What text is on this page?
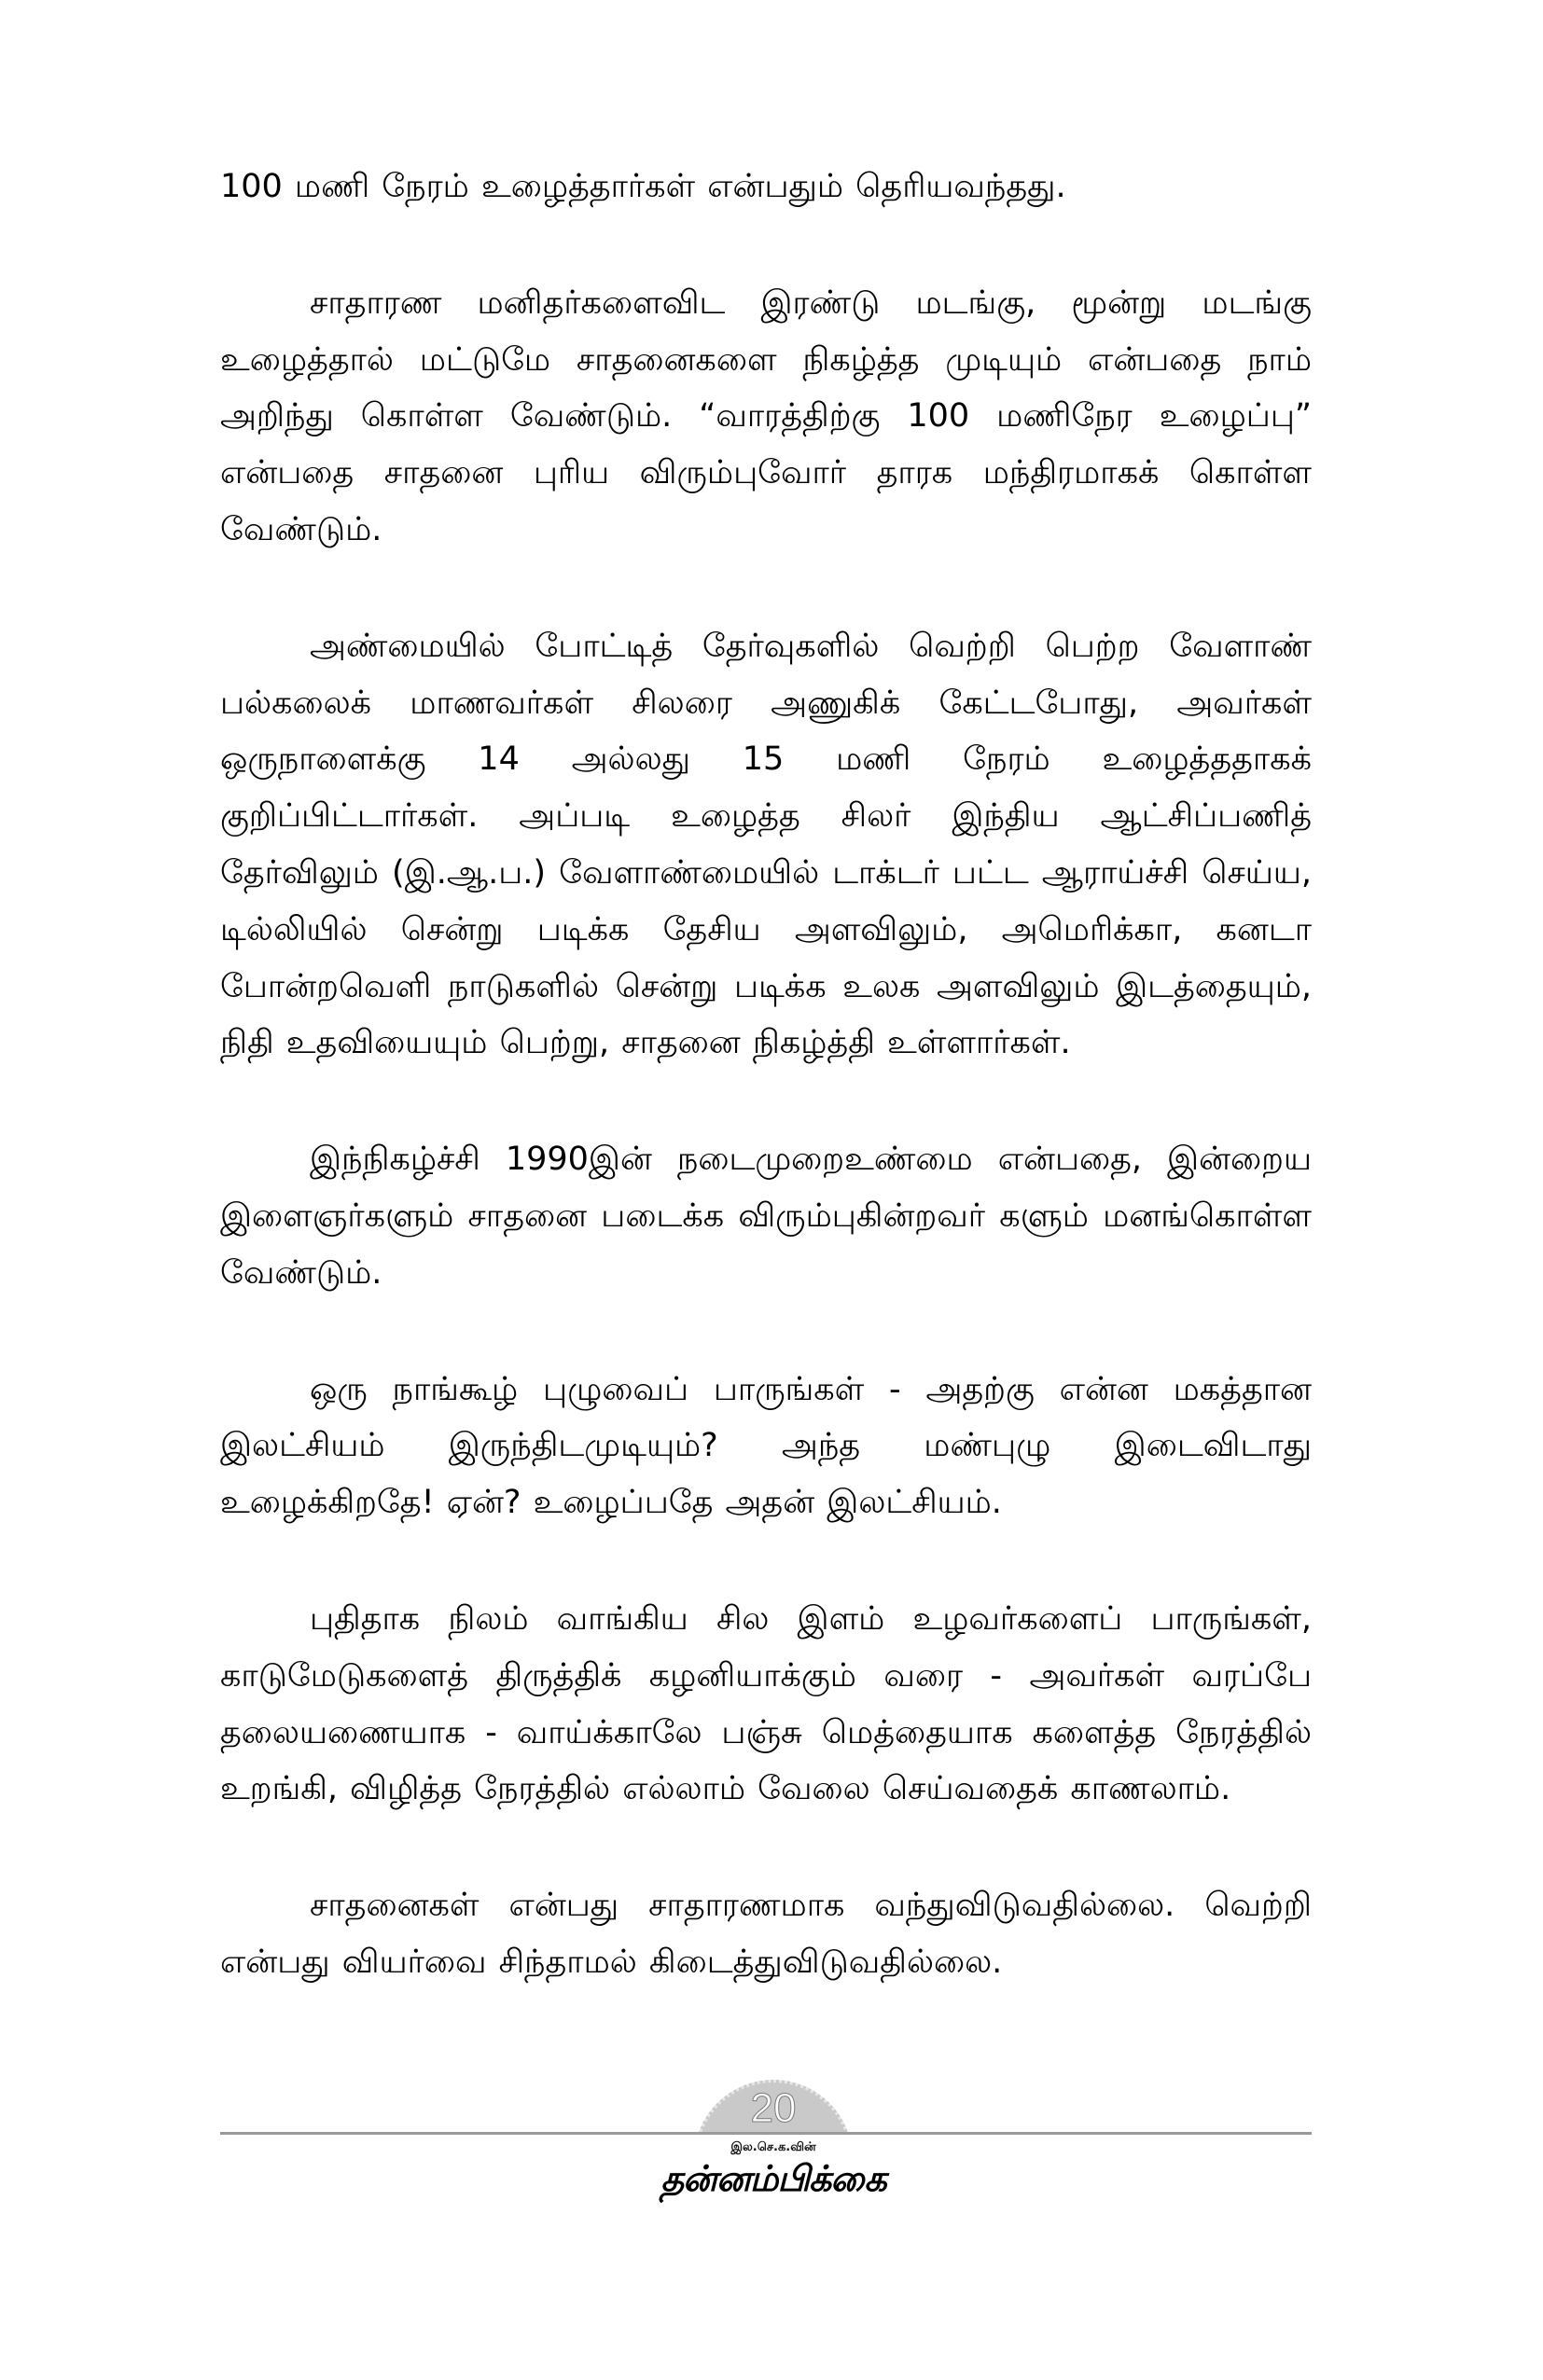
100 மணி நேரம் உழைத்தார்கள் என்பதும் தெரியவந்தது.

சாதாரண மனிதர்களைவிட இரண்டு மடங்கு, மூன்று மடங்கு உழைத்தால் மட்டுமே சாதனைகளை நிகழ்த்த முடியும் என்பதை நாம் அறிந்து கொள்ள வேண்டும். “வாரத்திற்கு 100 மணிநேர உழைப்பு” என்பதை சாதனை புரிய விரும்புவோர் தாரக மந்திரமாகக் கொள்ள வேண்டும்.

அண்மையில் போட்டித் தேர்வுகளில் வெற்றி பெற்ற வேளாண் பல்கலைக் மாணவர்கள் சிலரை அணுகிக் கேட்டபோது, அவர்கள் ஒருநாளைக்கு 14 அல்லது 15 மணி நேரம் உழைத்ததாகக் குறிப்பிட்டார்கள். அப்படி உழைத்த சிலர் இந்திய ஆட்சிப்பணித் தேர்விலும் (இ.ஆ.ப.) வேளாண்மையில் டாக்டர் பட்ட ஆராய்ச்சி செய்ய, டில்லியில் சென்று படிக்க தேசிய அளவிலும், அமெரிக்கா, கனடா போன்றவெளி நாடுகளில் சென்று படிக்க உலக அளவிலும் இடத்தையும், நிதி உதவியையும் பெற்று, சாதனை நிகழ்த்தி உள்ளார்கள்.

இந்நிகழ்ச்சி 1990இன் நடைமுறைஉண்மை என்பதை, இன்றைய இளைஞர்களும் சாதனை படைக்க விரும்புகின்றவர் களும் மனங்கொள்ள வேண்டும்.

ஒரு நாங்கூழ் புழுவைப் பாருங்கள் - அதற்கு என்ன மகத்தான இலட்சியம் இருந்திடமுடியும்? அந்த மண்புழு இடைவிடாது உழைக்கிறதே! ஏன்? உழைப்பதே அதன் இலட்சியம்.

புதிதாக நிலம் வாங்கிய சில இளம் உழவர்களைப் பாருங்கள், காடுமேடுகளைத் திருத்திக் கழனியாக்கும் வரை - அவர்கள் வரப்பே தலையணையாக - வாய்க்காலே பஞ்சு மெத்தையாக களைத்த நேரத்தில் உறங்கி, விழித்த நேரத்தில் எல்லாம் வேலை செய்வதைக் காணலாம்.

சாதனைகள் என்பது சாதாரணமாக வந்துவிடுவதில்லை. வெற்றி என்பது வியர்வை சிந்தாமல் கிடைத்துவிடுவதில்லை.

20
இல.செ.க.வின்
தன்னம்பிக்கை
